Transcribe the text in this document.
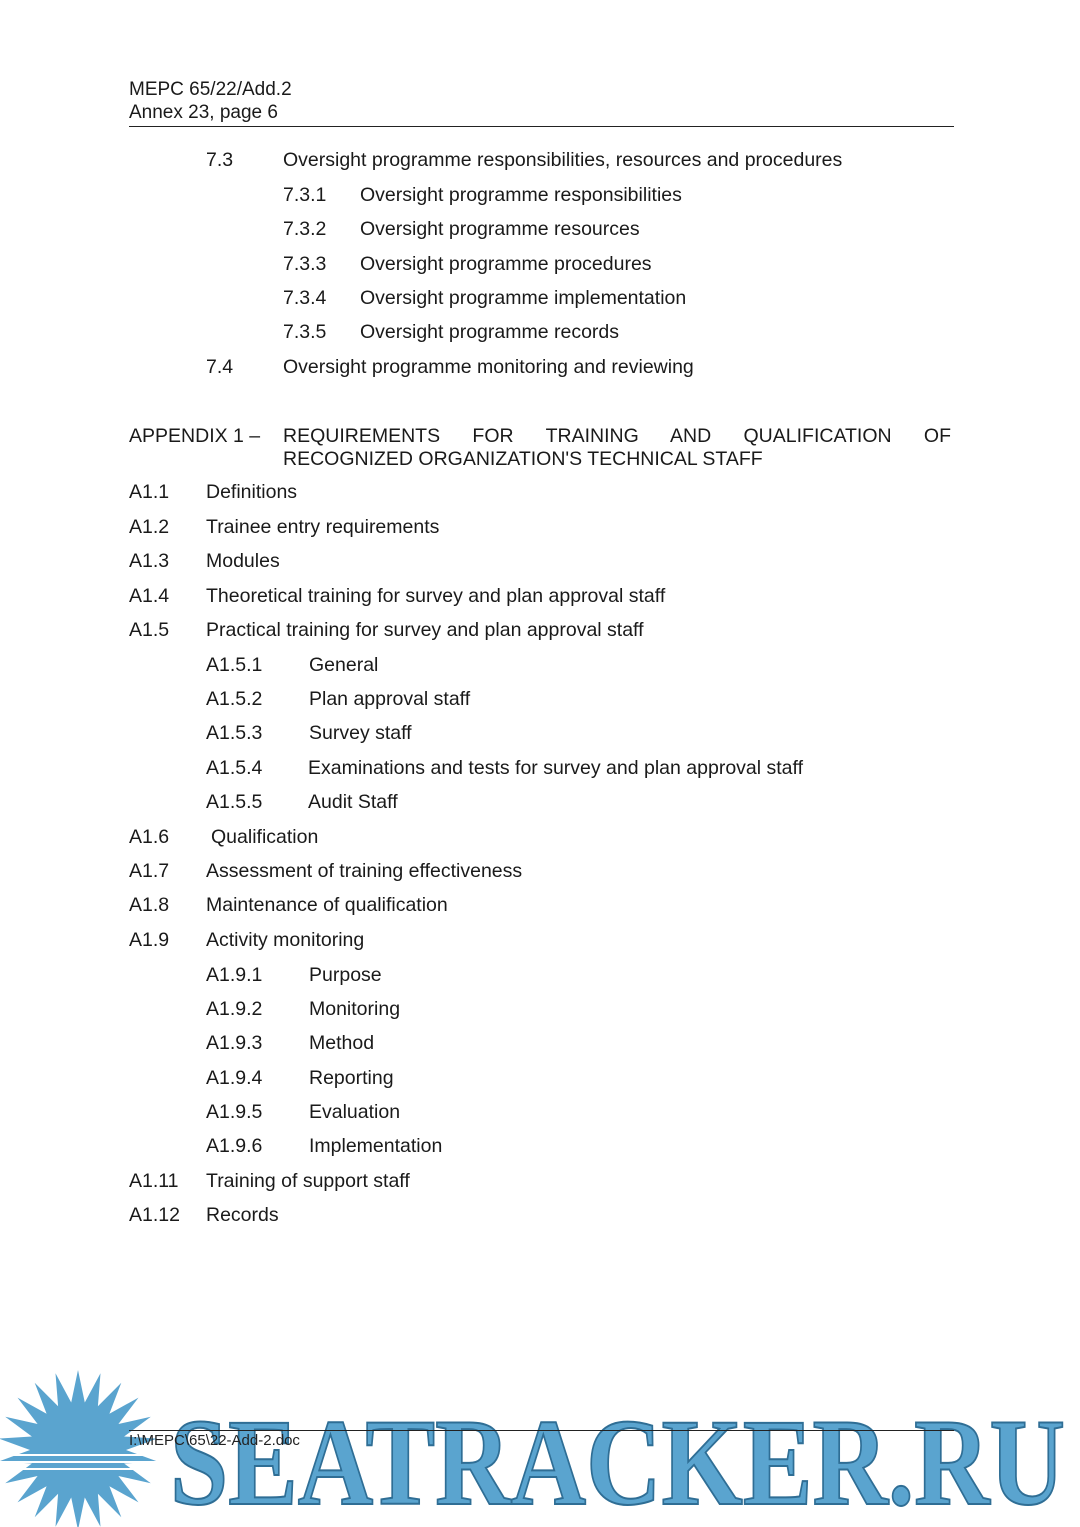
MEPC 65/22/Add.2
Annex 23, page 6
7.3	Oversight programme responsibilities, resources and procedures
7.3.1 Oversight programme responsibilities
7.3.2 Oversight programme resources
7.3.3 Oversight programme procedures
7.3.4 Oversight programme implementation
7.3.5 Oversight programme records
7.4	Oversight programme monitoring and reviewing
APPENDIX 1 – REQUIREMENTS FOR TRAINING AND QUALIFICATION OF RECOGNIZED ORGANIZATION'S TECHNICAL STAFF
A1.1 Definitions
A1.2 Trainee entry requirements
A1.3 Modules
A1.4 Theoretical training for survey and plan approval staff
A1.5 Practical training for survey and plan approval staff
A1.5.1 General
A1.5.2 Plan approval staff
A1.5.3 Survey staff
A1.5.4 Examinations and tests for survey and plan approval staff
A1.5.5 Audit Staff
A1.6 Qualification
A1.7 Assessment of training effectiveness
A1.8 Maintenance of qualification
A1.9 Activity monitoring
A1.9.1 Purpose
A1.9.2 Monitoring
A1.9.3 Method
A1.9.4 Reporting
A1.9.5 Evaluation
A1.9.6 Implementation
A1.11 Training of support staff
A1.12 Records
SEATRACKER.RU
I:\MEPC\65\22-Add-2.doc
